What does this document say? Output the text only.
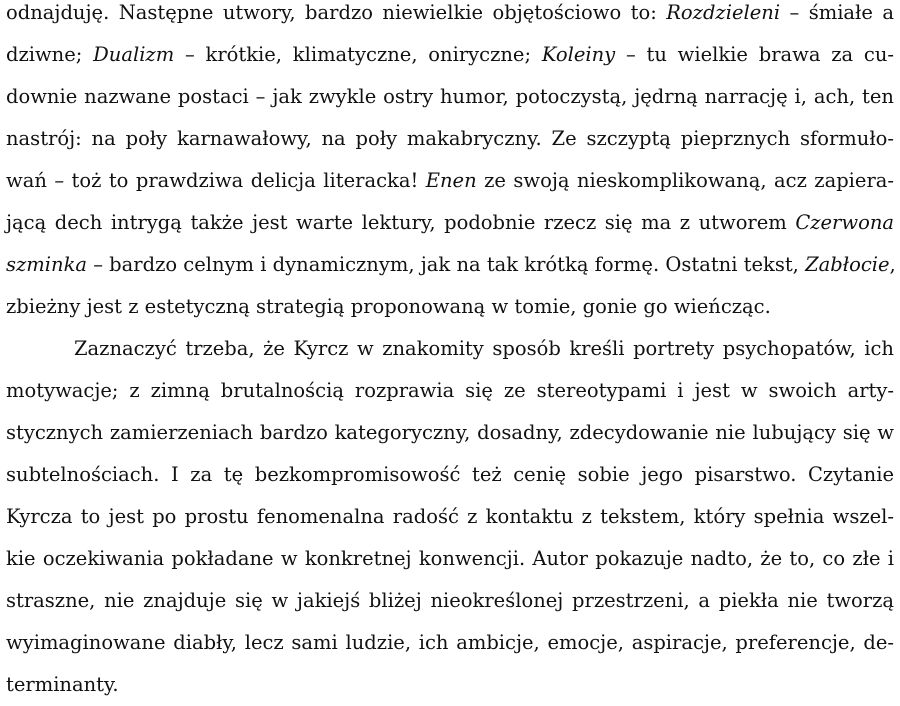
odnajduję. Następne utwory, bardzo niewielkie objętościowo to: Rozdzieleni – śmiałe a
dziwne; Dualizm – krótkie, klimatyczne, oniryczne; Koleiny – tu wielkie brawa za cu-
downie nazwane postaci – jak zwykle ostry humor, potoczystą, jędrną narrację i, ach, ten
nastrój: na poły karnawałowy, na poły makabryczny. Ze szczyptą pieprznych sformuło-
wań – toż to prawdziwa delicja literacka! Enen ze swoją nieskomplikowaną, acz zapiera-
jącą dech intrygą także jest warte lektury, podobnie rzecz się ma z utworem Czerwona
szminka – bardzo celnym i dynamicznym, jak na tak krótką formę. Ostatni tekst, Zabłocie,
zbieżny jest z estetyczną strategią proponowaną w tomie, gonie go wieńcząc.
Zaznaczyć trzeba, że Kyrcz w znakomity sposób kreśli portrety psychopatów, ich
motywacje; z zimną brutalnością rozprawia się ze stereotypami i jest w swoich arty-
stycznych zamierzeniach bardzo kategoryczny, dosadny, zdecydowanie nie lubujący się w
subtelnościach. I za tę bezkompromisowość też cenię sobie jego pisarstwo. Czytanie
Kyrcza to jest po prostu fenomenalna radość z kontaktu z tekstem, który spełnia wszel-
kie oczekiwania pokładane w konkretnej konwencji. Autor pokazuje nadto, że to, co złe i
straszne, nie znajduje się w jakiejś bliżej nieokreślonej przestrzeni, a piekła nie tworzą
wyimaginowane diabły, lecz sami ludzie, ich ambicje, emocje, aspiracje, preferencje, de-
terminanty.
